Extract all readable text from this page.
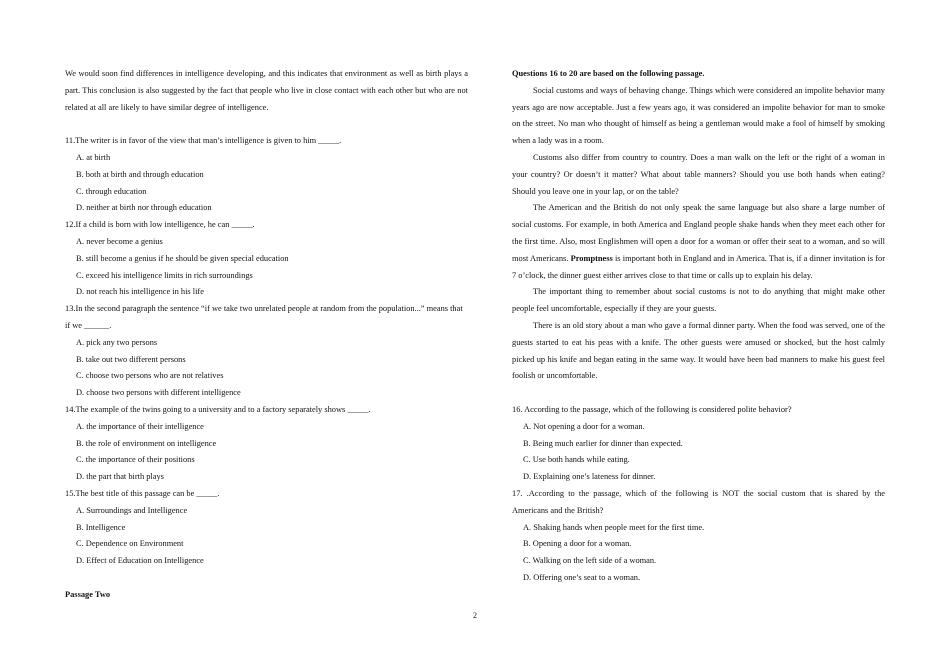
We would soon find differences in intelligence developing, and this indicates that environment as well as birth plays a part. This conclusion is also suggested by the fact that people who live in close contact with each other but who are not related at all are likely to have similar degree of intelligence.

11.The writer is in favor of the view that man’s intelligence is given to him _____.

A. at birth

B. both at birth and through education

C. through education

D. neither at birth nor through education

12.If a child is born with low intelligence, he can _____.

A. never become a genius

B. still become a genius if he should be given special education

C. exceed his intelligence limits in rich surroundings

D. not reach his intelligence in his life

13.In the second paragraph the sentence “if we take two unrelated people at random from the population...” means that if we ______.

A. pick any two persons

B. take out two different persons

C. choose two persons who are not relatives

D. choose two persons with different intelligence

14.The example of the twins going to a university and to a factory separately shows _____.

A. the importance of their intelligence

B. the role of environment on intelligence

C. the importance of their positions

D. the part that birth plays

15.The best title of this passage can be _____.

A. Surroundings and Intelligence

B. Intelligence

C. Dependence on Environment

D. Effect of Education on Intelligence

Passage Two

Questions 16 to 20 are based on the following passage.

Social customs and ways of behaving change. Things which were considered an impolite behavior many years ago are now acceptable. Just a few years ago, it was considered an impolite behavior for man to smoke on the street. No man who thought of himself as being a gentleman would make a fool of himself by smoking when a lady was in a room.

Customs also differ from country to country. Does a man walk on the left or the right of a woman in your country? Or doesn’t it matter? What about table manners? Should you use both hands when eating? Should you leave one in your lap, or on the table?

The American and the British do not only speak the same language but also share a large number of social customs. For example, in both America and England people shake hands when they meet each other for the first time. Also, most Englishmen will open a door for a woman or offer their seat to a woman, and so will most Americans. Promptness is important both in England and in America. That is, if a dinner invitation is for 7 o’clock, the dinner guest either arrives close to that time or calls up to explain his delay.

The important thing to remember about social customs is not to do anything that might make other people feel uncomfortable, especially if they are your guests.

There is an old story about a man who gave a formal dinner party. When the food was served, one of the guests started to eat his peas with a knife. The other guests were amused or shocked, but the host calmly picked up his knife and began eating in the same way. It would have been bad manners to make his guest feel foolish or uncomfortable.

16. According to the passage, which of the following is considered polite behavior?

A. Not opening a door for a woman.

B. Being much earlier for dinner than expected.

C. Use both hands while eating.

D. Explaining one’s lateness for dinner.

17. .According to the passage, which of the following is NOT the social custom that is shared by the Americans and the British?

A. Shaking hands when people meet for the first time.

B. Opening a door for a woman.

C. Walking on the left side of a woman.

D. Offering one’s seat to a woman.

2
